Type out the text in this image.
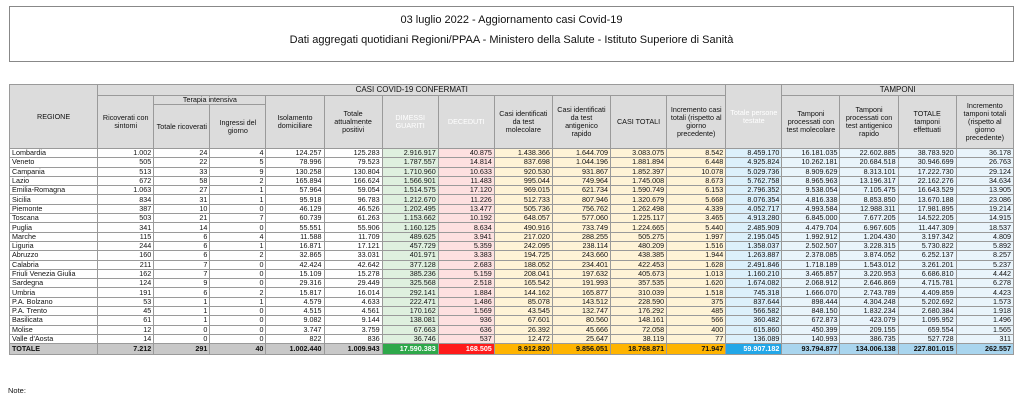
03 luglio 2022 - Aggiornamento casi Covid-19
Dati aggregati quotidiani Regioni/PPAA - Ministero della Salute - Istituto Superiore di Sanità
REGIONE	CASI COVID-19 CONFERMATI											Totale persone testate	TAMPONI			
	Ricoverati con sintomi	Terapia intensiva		Isolamento domiciliare	Totale attualmente positivi	DIMESSI GUARITI	DECEDUTI	Casi identificati da test molecolare	Casi identificati da test antigenico rapido	CASI TOTALI	Incremento casi totali (rispetto al giorno precedente)		Tamponi processati con test molecolare	Tamponi processati con test antigenico rapido	TOTALE tamponi effettuati	Incremento tamponi totali (rispetto al giorno precedente)
		Totale ricoverati	Ingressi del giorno													
Lombardia	1.002	24	4	124.257	125.283	2.916.917	40.875	1.438.366	1.644.709	3.083.075	8.542	8.459.170	16.181.035	22.602.885	38.783.920	36.178
Veneto	505	22	5	78.996	79.523	1.787.557	14.814	837.698	1.044.196	1.881.894	6.448	4.925.824	10.262.181	20.684.518	30.946.699	26.763
Campania	513	33	9	130.258	130.804	1.710.960	10.633	920.530	931.867	1.852.397	10.078	5.029.736	8.909.629	8.313.101	17.222.730	29.124
Lazio	672	58	2	165.894	166.624	1.566.901	11.483	995.044	749.964	1.745.008	8.673	5.762.758	8.965.963	13.196.317	22.162.276	34.634
Emilia-Romagna	1.063	27	1	57.964	59.054	1.514.575	17.120	969.015	621.734	1.590.749	6.153	2.796.352	9.538.054	7.105.475	16.643.529	13.905
Sicilia	834	31	1	95.918	96.783	1.212.670	11.226	512.733	807.946	1.320.679	5.668	8.076.354	4.816.338	8.853.850	13.670.188	23.086
Piemonte	387	10	0	46.129	46.526	1.202.495	13.477	505.736	756.762	1.262.498	4.339	4.052.717	4.993.584	12.988.311	17.981.895	19.214
Toscana	503	21	7	60.739	61.263	1.153.662	10.192	648.057	577.060	1.225.117	3.465	4.913.280	6.845.000	7.677.205	14.522.205	14.915
Puglia	341	14	0	55.551	55.906	1.160.125	8.634	490.916	733.749	1.224.665	5.440	2.485.909	4.479.704	6.967.605	11.447.309	18.537
Marche	115	6	4	11.588	11.709	489.625	3.941	217.020	288.255	505.275	1.997	2.195.045	1.992.912	1.204.430	3.197.342	4.809
Liguria	244	6	1	16.871	17.121	457.729	5.359	242.095	238.114	480.209	1.516	1.358.037	2.502.507	3.228.315	5.730.822	5.892
Abruzzo	160	6	2	32.865	33.031	401.971	3.383	194.725	243.660	438.385	1.944	1.263.887	2.378.085	3.874.052	6.252.137	8.257
Calabria	211	7	0	42.424	42.642	377.128	2.683	188.052	234.401	422.453	1.628	2.491.846	1.718.189	1.543.012	3.261.201	5.237
Friuli Venezia Giulia	162	7	0	15.109	15.278	385.236	5.159	208.041	197.632	405.673	1.013	1.160.210	3.465.857	3.220.953	6.686.810	4.442
Sardegna	124	9	0	29.316	29.449	325.568	2.518	165.542	191.993	357.535	1.620	1.674.082	2.068.912	2.646.869	4.715.781	6.278
Umbria	191	6	2	15.817	16.014	292.141	1.884	144.162	165.877	310.039	1.518	745.318	1.666.070	2.743.789	4.409.859	4.423
P.A. Bolzano	53	1	1	4.579	4.633	222.471	1.486	85.078	143.512	228.590	375	837.644	898.444	4.304.248	5.202.692	1.573
P.A. Trento	45	1	0	4.515	4.561	170.162	1.569	43.545	132.747	176.292	485	566.582	848.150	1.832.234	2.680.384	1.918
Basilicata	61	1	0	9.082	9.144	138.081	936	67.601	80.560	148.161	566	360.482	672.873	423.079	1.095.952	1.496
Molise	12	0	0	3.747	3.759	67.663	636	26.392	45.666	72.058	400	615.860	450.399	209.155	659.554	1.565
Valle d'Aosta	14	0	0	822	836	36.746	537	12.472	25.647	38.119	77	136.089	140.993	386.735	527.728	311
TOTALE	7.212	291	40	1.002.440	1.009.943	17.590.383	168.505	8.912.820	9.856.051	18.768.871	71.947	59.907.182	93.794.877	134.006.138	227.801.015	262.557
Note:
